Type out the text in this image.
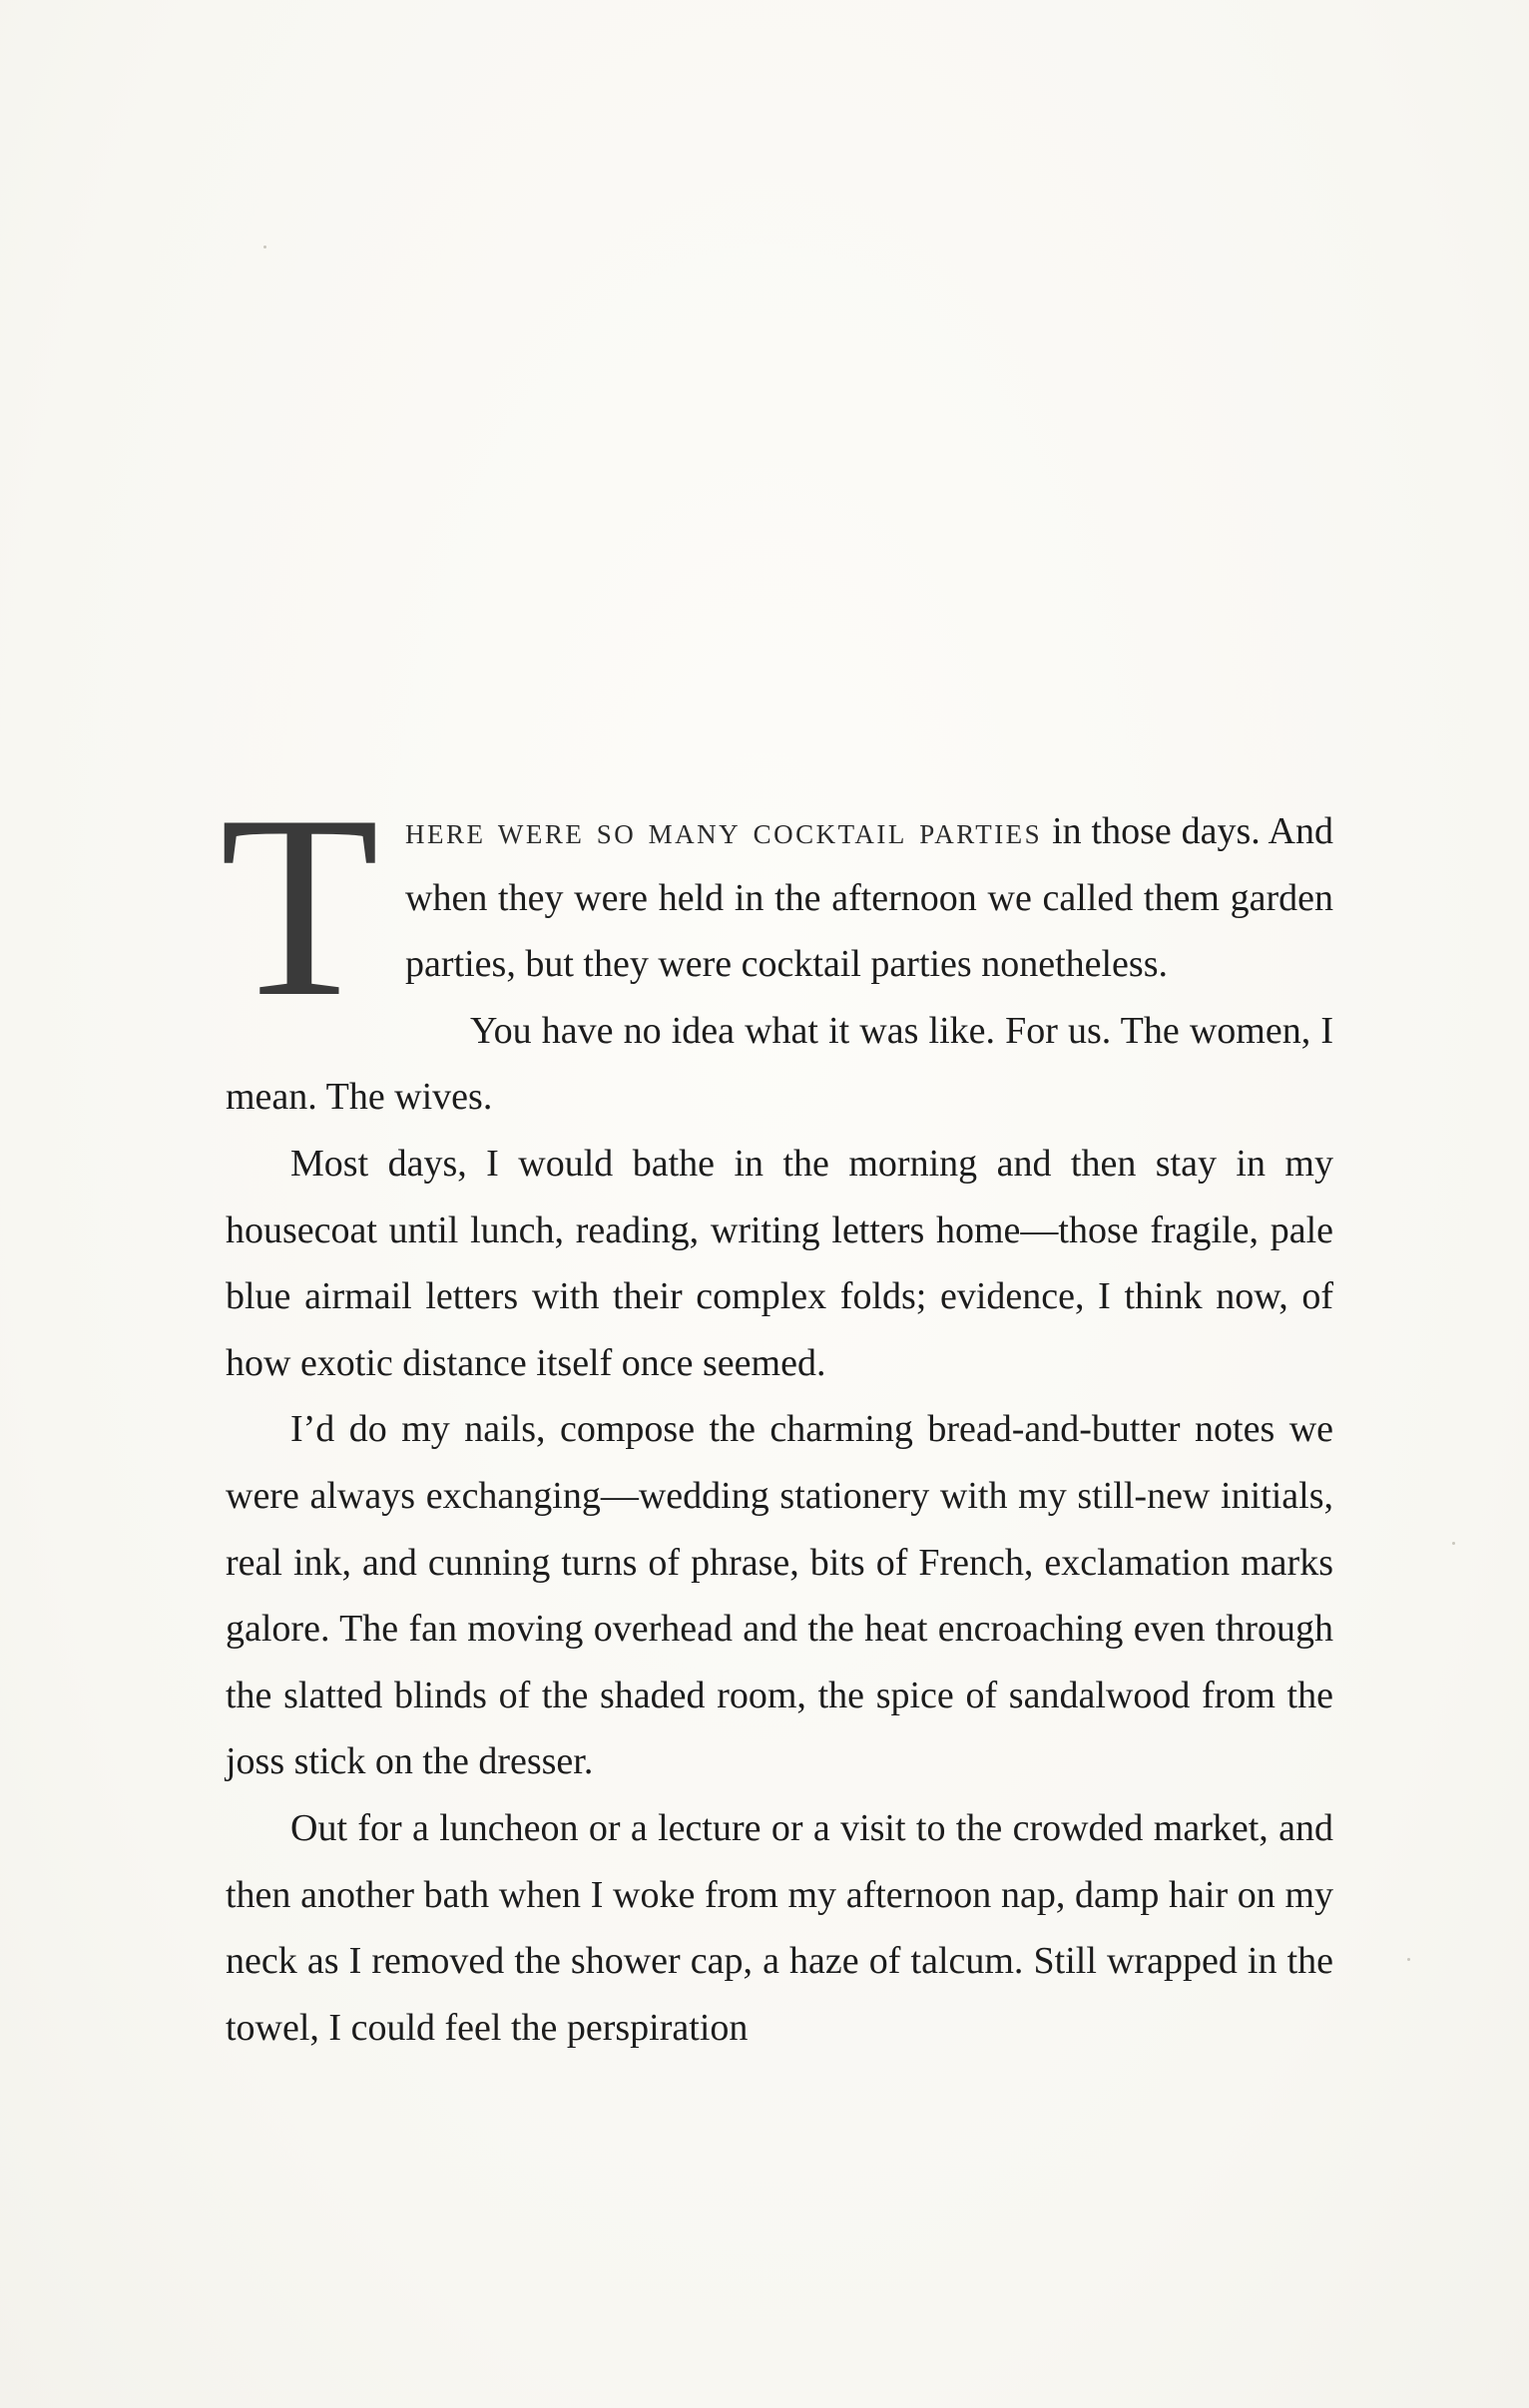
There were so many cocktail parties in those days. And when they were held in the afternoon we called them garden parties, but they were cocktail parties nonetheless.

You have no idea what it was like. For us. The women, I mean. The wives.

Most days, I would bathe in the morning and then stay in my housecoat until lunch, reading, writing letters home—those fragile, pale blue airmail letters with their complex folds; evidence, I think now, of how exotic distance itself once seemed.

I’d do my nails, compose the charming bread-and-butter notes we were always exchanging—wedding stationery with my still-new initials, real ink, and cunning turns of phrase, bits of French, exclamation marks galore. The fan moving overhead and the heat encroaching even through the slatted blinds of the shaded room, the spice of sandalwood from the joss stick on the dresser.

Out for a luncheon or a lecture or a visit to the crowded market, and then another bath when I woke from my afternoon nap, damp hair on my neck as I removed the shower cap, a haze of talcum. Still wrapped in the towel, I could feel the perspiration
